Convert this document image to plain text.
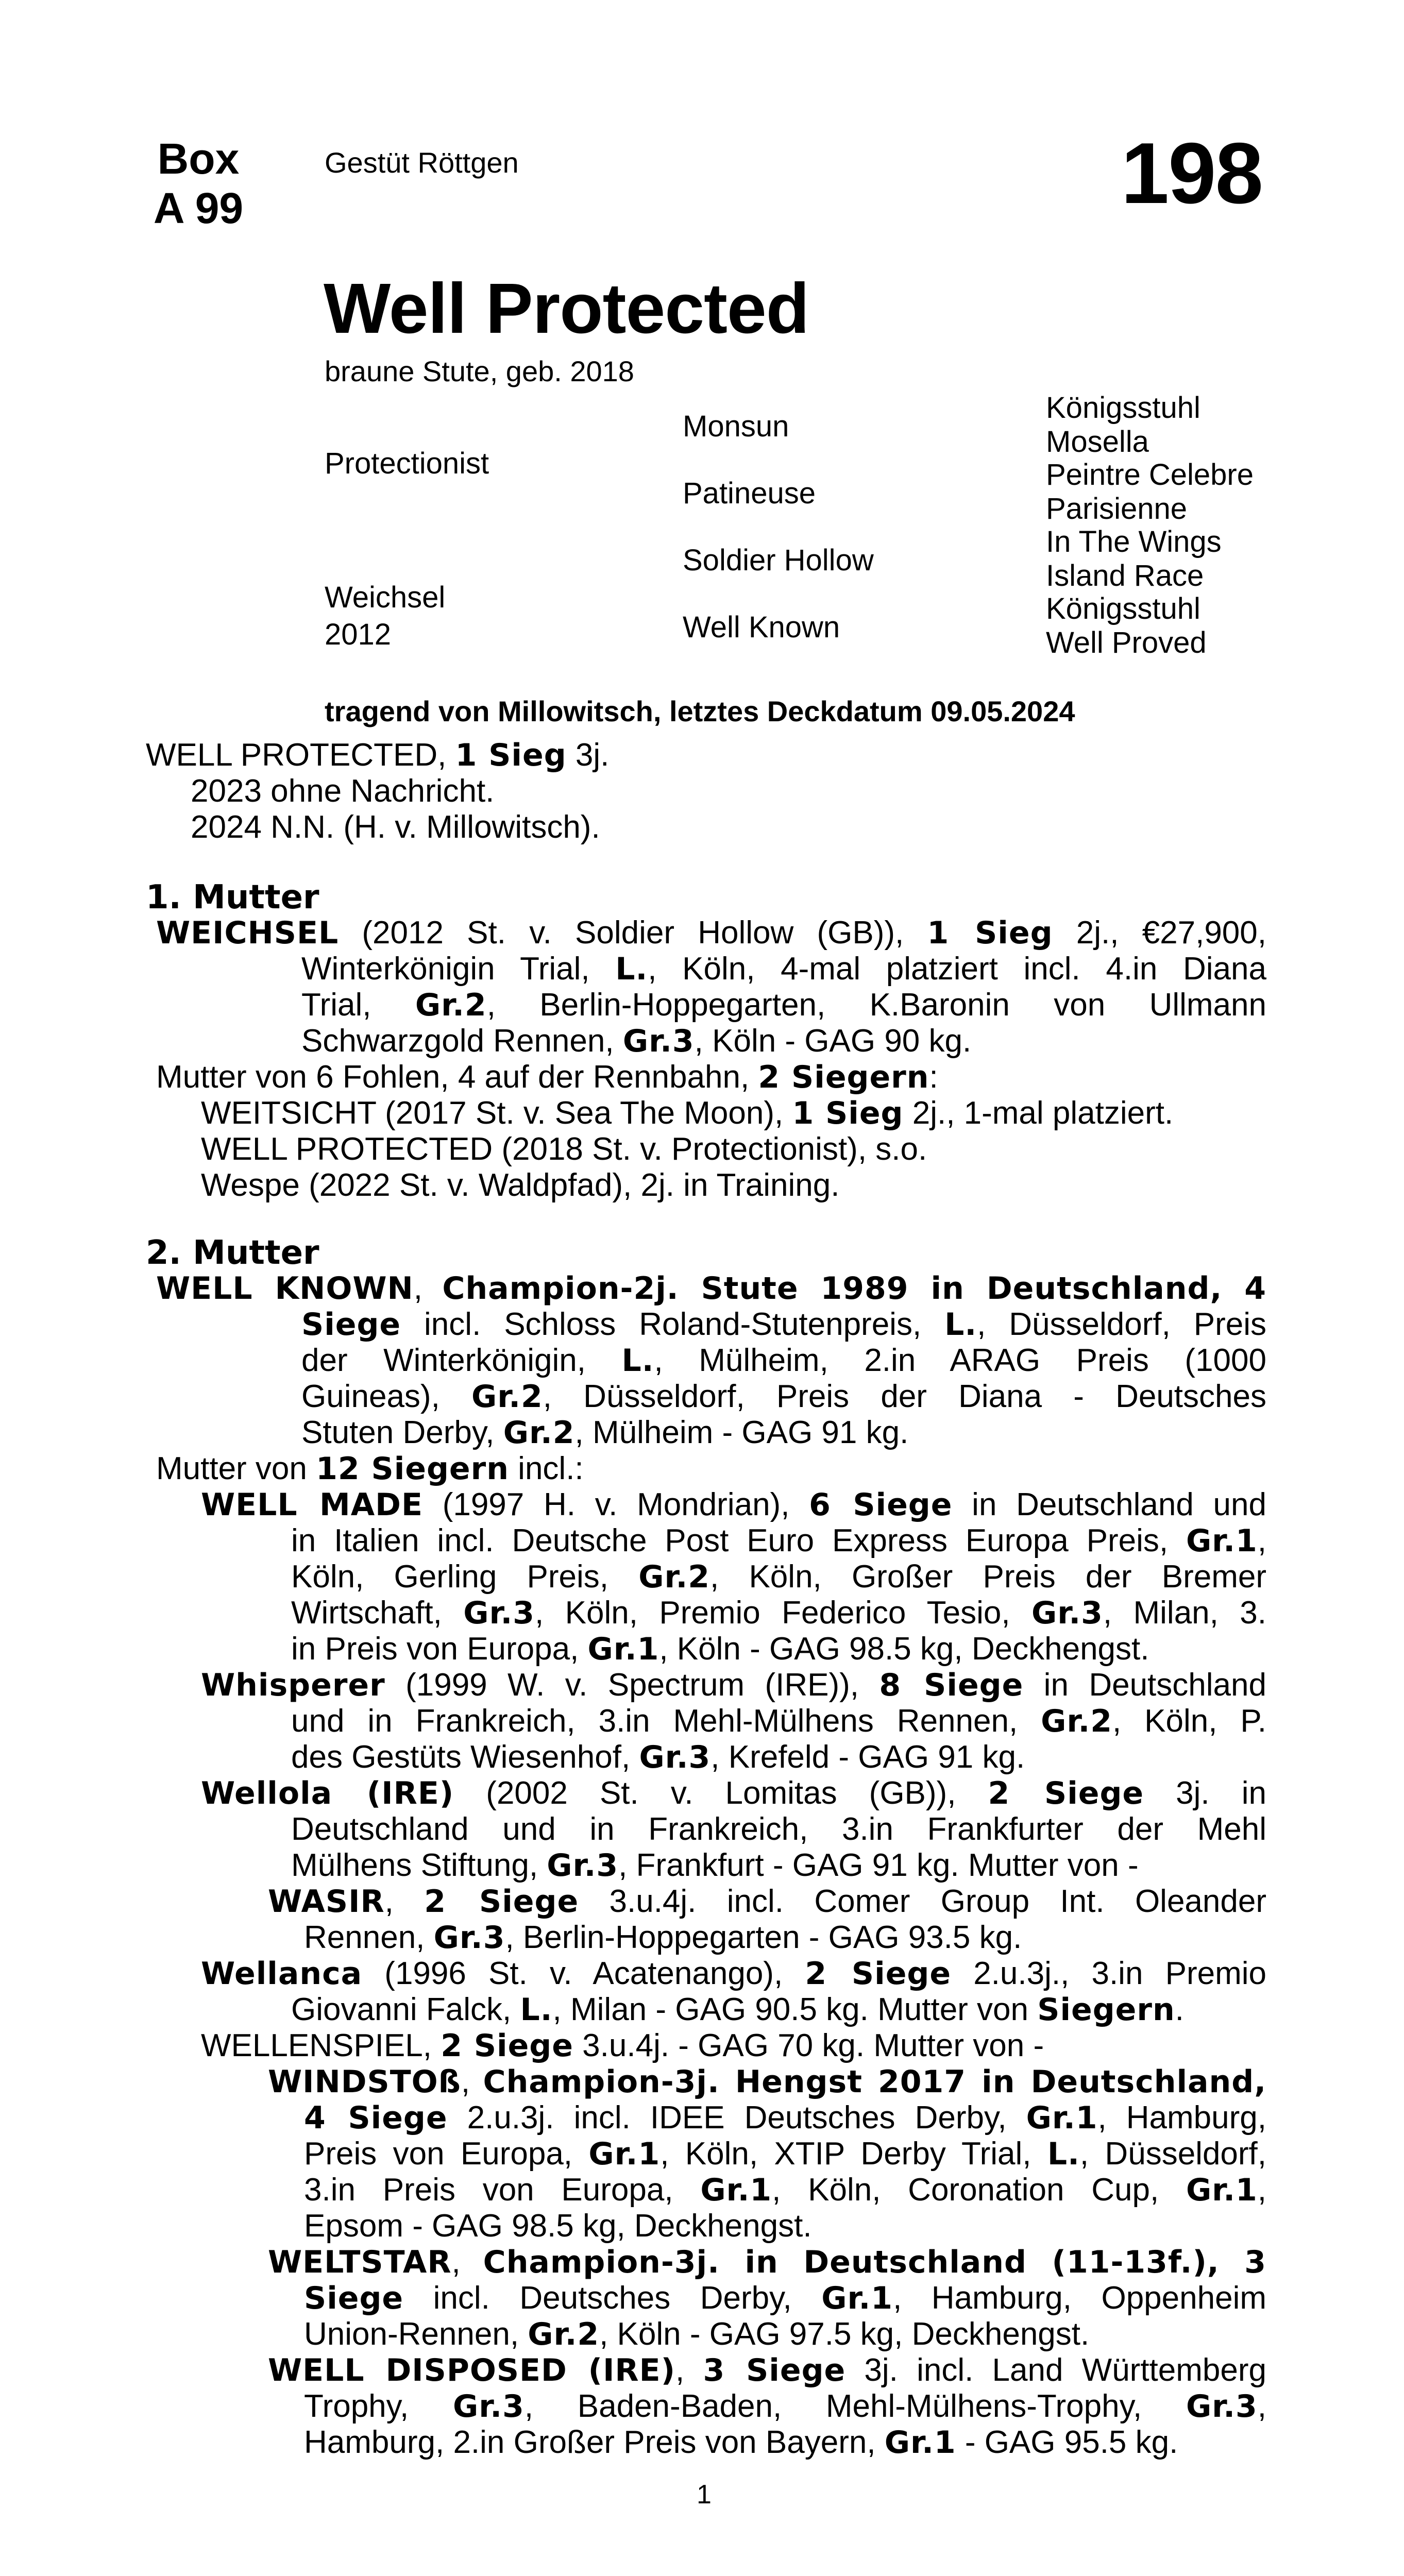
Box
A 99
Gestüt Röttgen	198
Well Protected
braune Stute, geb. 2018
Protectionist
Weichsel
2012
Monsun
Patineuse
Soldier Hollow
Well Known
Königsstuhl
Mosella
Peintre Celebre
Parisienne
In The Wings
Island Race
Königsstuhl
Well Proved
tragend von Millowitsch, letztes Deckdatum 09.05.2024
WELL PROTECTED, 1 Sieg 3j.
2023 ohne Nachricht.
2024 N.N. (H. v. Millowitsch).
1. Mutter
WEICHSEL (2012 St. v. Soldier Hollow (GB)), 1 Sieg 2j., €27,900,
Winterkönigin Trial, L., Köln, 4-mal platziert incl. 4.in Diana
Trial, Gr.2, Berlin-Hoppegarten, K.Baronin von Ullmann
Schwarzgold Rennen, Gr.3, Köln - GAG 90 kg.
Mutter von 6 Fohlen, 4 auf der Rennbahn, 2 Siegern:
WEITSICHT (2017 St. v. Sea The Moon), 1 Sieg 2j., 1-mal platziert.
WELL PROTECTED (2018 St. v. Protectionist), s.o.
Wespe (2022 St. v. Waldpfad), 2j. in Training.
2. Mutter
WELL KNOWN, Champion-2j. Stute 1989 in Deutschland, 4
Siege incl. Schloss Roland-Stutenpreis, L., Düsseldorf, Preis
der Winterkönigin, L., Mülheim, 2.in ARAG Preis (1000
Guineas), Gr.2, Düsseldorf, Preis der Diana - Deutsches
Stuten Derby, Gr.2, Mülheim - GAG 91 kg.
Mutter von 12 Siegern incl.:
WELL MADE (1997 H. v. Mondrian), 6 Siege in Deutschland und
in Italien incl. Deutsche Post Euro Express Europa Preis, Gr.1,
Köln, Gerling Preis, Gr.2, Köln, Großer Preis der Bremer
Wirtschaft, Gr.3, Köln, Premio Federico Tesio, Gr.3, Milan, 3.
in Preis von Europa, Gr.1, Köln - GAG 98.5 kg, Deckhengst.
Whisperer (1999 W. v. Spectrum (IRE)), 8 Siege in Deutschland
und in Frankreich, 3.in Mehl-Mülhens Rennen, Gr.2, Köln, P.
des Gestüts Wiesenhof, Gr.3, Krefeld - GAG 91 kg.
Wellola (IRE) (2002 St. v. Lomitas (GB)), 2 Siege 3j. in
Deutschland und in Frankreich, 3.in Frankfurter der Mehl
Mülhens Stiftung, Gr.3, Frankfurt - GAG 91 kg. Mutter von -
WASIR, 2 Siege 3.u.4j. incl. Comer Group Int. Oleander
Rennen, Gr.3, Berlin-Hoppegarten - GAG 93.5 kg.
Wellanca (1996 St. v. Acatenango), 2 Siege 2.u.3j., 3.in Premio
Giovanni Falck, L., Milan - GAG 90.5 kg. Mutter von Siegern.
WELLENSPIEL, 2 Siege 3.u.4j. - GAG 70 kg. Mutter von -
WINDSTOß, Champion-3j. Hengst 2017 in Deutschland,
4 Siege 2.u.3j. incl. IDEE Deutsches Derby, Gr.1, Hamburg,
Preis von Europa, Gr.1, Köln, XTIP Derby Trial, L., Düsseldorf,
3.in Preis von Europa, Gr.1, Köln, Coronation Cup, Gr.1,
Epsom - GAG 98.5 kg, Deckhengst.
WELTSTAR, Champion-3j. in Deutschland (11-13f.), 3
Siege incl. Deutsches Derby, Gr.1, Hamburg, Oppenheim
Union-Rennen, Gr.2, Köln - GAG 97.5 kg, Deckhengst.
WELL DISPOSED (IRE), 3 Siege 3j. incl. Land Württemberg
Trophy, Gr.3, Baden-Baden, Mehl-Mülhens-Trophy, Gr.3,
Hamburg, 2.in Großer Preis von Bayern, Gr.1 - GAG 95.5 kg.
1
